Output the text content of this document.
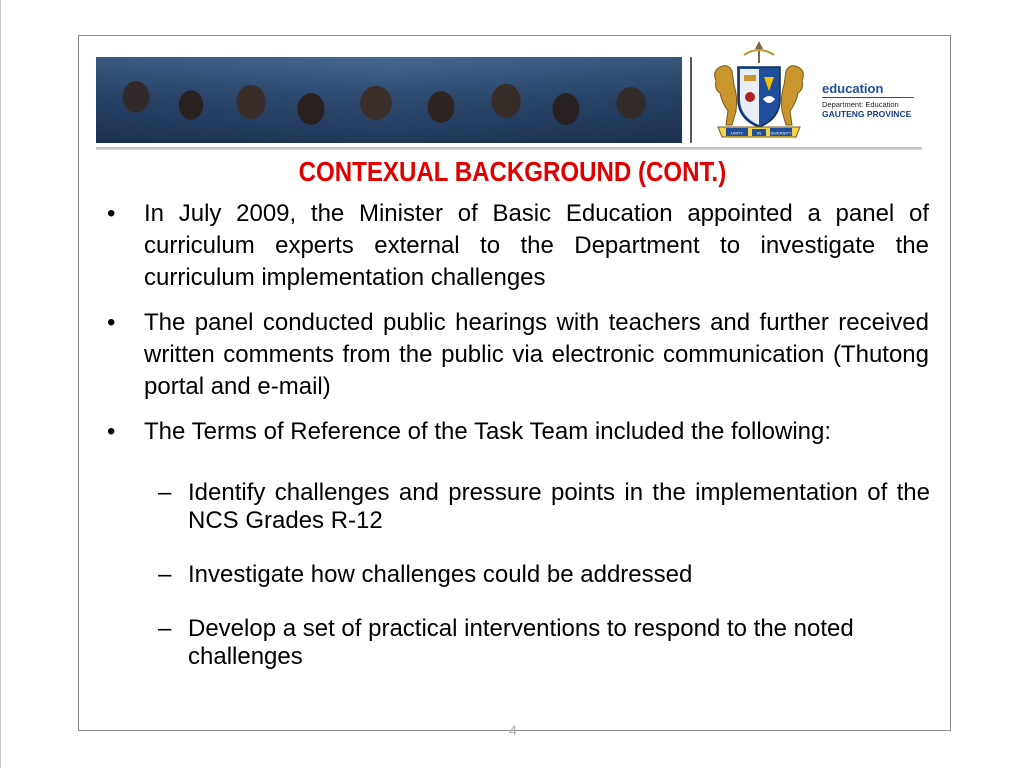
UNITY	IN DIVERSITY
education
Department: Education
GAUTENG PROVINCE
CONTEXUAL BACKGROUND (CONT.)
•	In July 2009, the Minister of Basic Education appointed a panel of curriculum experts external to the Department to investigate the curriculum implementation challenges
•	The panel conducted public hearings with teachers and further received written comments from the public via electronic communication (Thutong portal and e-mail)
•	The Terms of Reference of the Task Team included the following:
– Identify challenges and pressure points in the implementation of the NCS Grades R-12
– Investigate how challenges could be addressed
– Develop a set of practical interventions to respond to the noted challenges
4
